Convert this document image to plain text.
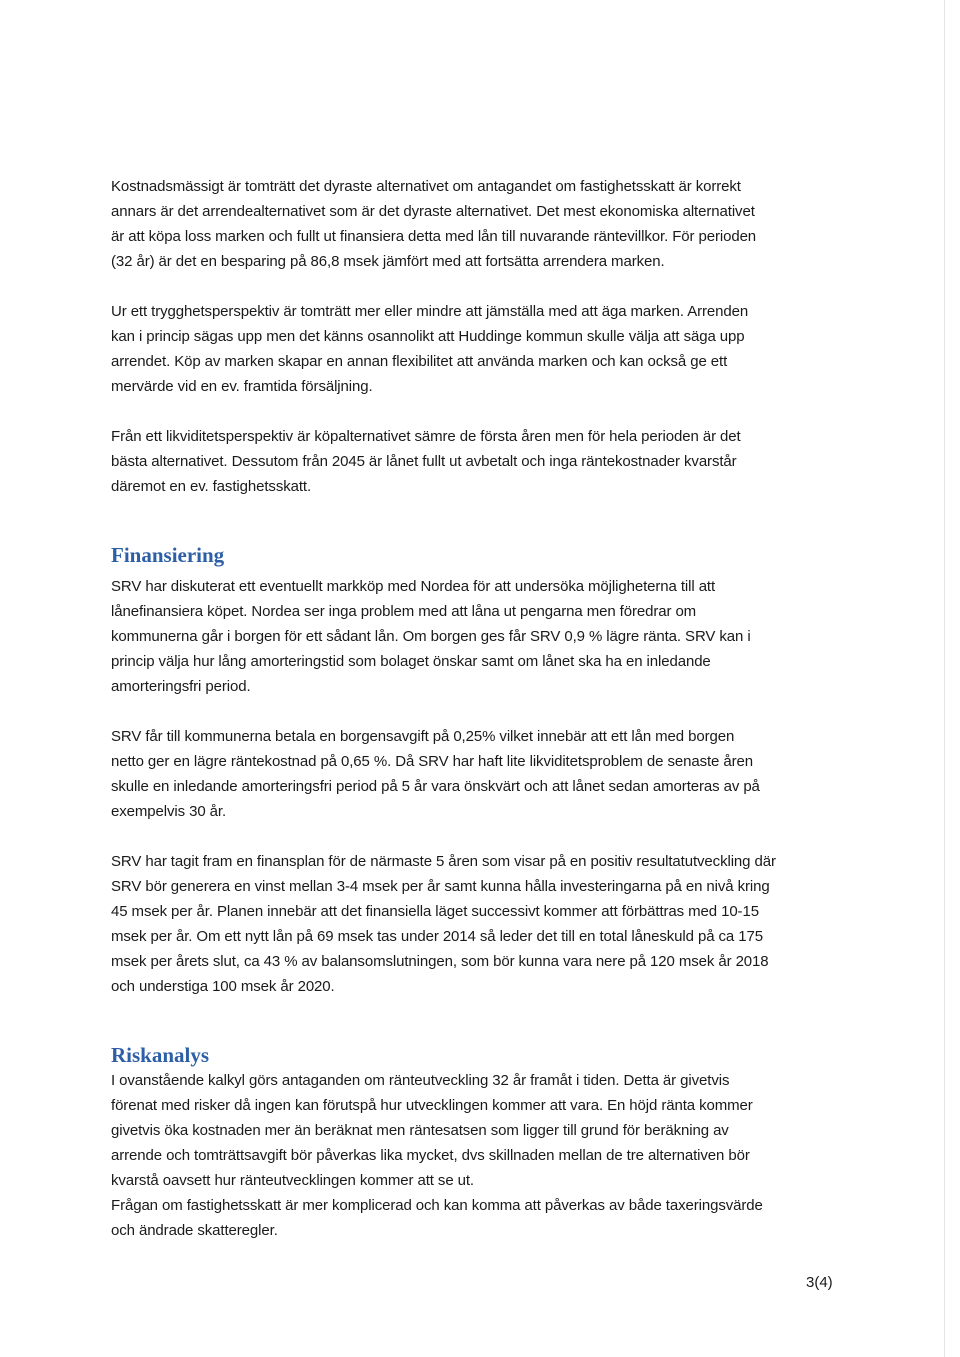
Kostnadsmässigt är tomträtt det dyraste alternativet om antagandet om fastighetsskatt är korrekt
annars är det arrendealternativet som är det dyraste alternativet. Det mest ekonomiska alternativet
är att köpa loss marken och fullt ut finansiera detta med lån till nuvarande räntevillkor. För perioden
(32 år) är det en besparing på 86,8 msek jämfört med att fortsätta arrendera marken.

Ur ett trygghetsperspektiv är tomträtt mer eller mindre att jämställa med att äga marken. Arrenden
kan i princip sägas upp men det känns osannolikt att Huddinge kommun skulle välja att säga upp
arrendet. Köp av marken skapar en annan flexibilitet att använda marken och kan också ge ett
mervärde vid en ev. framtida försäljning.

Från ett likviditetsperspektiv är köpalternativet sämre de första åren men för hela perioden är det
bästa alternativet. Dessutom från 2045 är lånet fullt ut avbetalt och inga räntekostnader kvarstår
däremot en ev. fastighetsskatt.

Finansiering

SRV har diskuterat ett eventuellt markköp med Nordea för att undersöka möjligheterna till att
lånefinansiera köpet. Nordea ser inga problem med att låna ut pengarna men föredrar om
kommunerna går i borgen för ett sådant lån. Om borgen ges får SRV 0,9 % lägre ränta. SRV kan i
princip välja hur lång amorteringstid som bolaget önskar samt om lånet ska ha en inledande
amorteringsfri period.

SRV får till kommunerna betala en borgensavgift på 0,25% vilket innebär att ett lån med borgen
netto ger en lägre räntekostnad på 0,65 %. Då SRV har haft lite likviditetsproblem de senaste åren
skulle en inledande amorteringsfri period på 5 år vara önskvärt och att lånet sedan amorteras av på
exempelvis 30 år.

SRV har tagit fram en finansplan för de närmaste 5 åren som visar på en positiv resultatutveckling där
SRV bör generera en vinst mellan 3-4 msek per år samt kunna hålla investeringarna på en nivå kring
45 msek per år. Planen innebär att det finansiella läget successivt kommer att förbättras med 10-15
msek per år. Om ett nytt lån på 69 msek tas under 2014 så leder det till en total låneskuld på ca 175
msek per årets slut, ca 43 % av balansomslutningen, som bör kunna vara nere på 120 msek år 2018
och understiga 100 msek år 2020.

Riskanalys

I ovanstående kalkyl görs antaganden om ränteutveckling 32 år framåt i tiden. Detta är givetvis
förenat med risker då ingen kan förutspå hur utvecklingen kommer att vara. En höjd ränta kommer
givetvis öka kostnaden mer än beräknat men räntesatsen som ligger till grund för beräkning av
arrende och tomträttsavgift bör påverkas lika mycket, dvs skillnaden mellan de tre alternativen bör
kvarstå oavsett hur ränteutvecklingen kommer att se ut.
Frågan om fastighetsskatt är mer komplicerad och kan komma att påverkas av både taxeringsvärde
och ändrade skatteregler.

3(4)
